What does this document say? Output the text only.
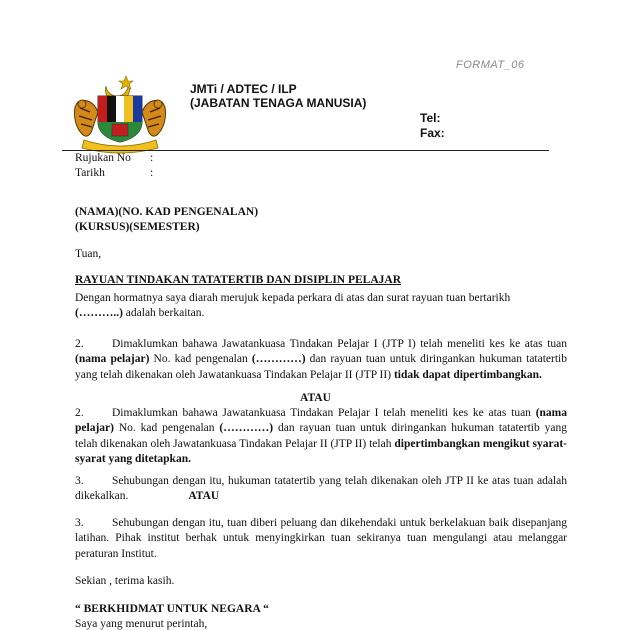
FORMAT_06
JMTi / ADTEC / ILP
(JABATAN TENAGA MANUSIA)
Tel:
Fax:
Rujukan No :
Tarikh	:
(NAMA)(NO. KAD PENGENALAN)
(KURSUS)(SEMESTER)
Tuan,
RAYUAN TINDAKAN TATATERTIB DAN DISIPLIN PELAJAR
Dengan hormatnya saya diarah merujuk kepada perkara di atas dan surat rayuan tuan bertarikh
(………..) adalah berkaitan.
2. Dimaklumkan bahawa Jawatankuasa Tindakan Pelajar I (JTP I) telah meneliti kes ke atas tuan (nama pelajar) No. kad pengenalan (…………) dan rayuan tuan untuk diringankan hukuman tatatertib yang telah dikenakan oleh Jawatankuasa Tindakan Pelajar II (JTP II) tidak dapat dipertimbangkan.
ATAU
2. Dimaklumkan bahawa Jawatankuasa Tindakan Pelajar I telah meneliti kes ke atas tuan (nama pelajar) No. kad pengenalan (…………) dan rayuan tuan untuk diringankan hukuman tatatertib yang telah dikenakan oleh Jawatankuasa Tindakan Pelajar II (JTP II) telah dipertimbangkan mengikut syarat-syarat yang ditetapkan.
3. Sehubungan dengan itu, hukuman tatatertib yang telah dikenakan oleh JTP II ke atas tuan adalah dikekalkan.	ATAU
3. Sehubungan dengan itu, tuan diberi peluang dan dikehendaki untuk berkelakuan baik disepanjang latihan. Pihak institut berhak untuk menyingkirkan tuan sekiranya tuan mengulangi atau melanggar peraturan Institut.
Sekian , terima kasih.
“ BERKHIDMAT UNTUK NEGARA “
Saya yang menurut perintah,
